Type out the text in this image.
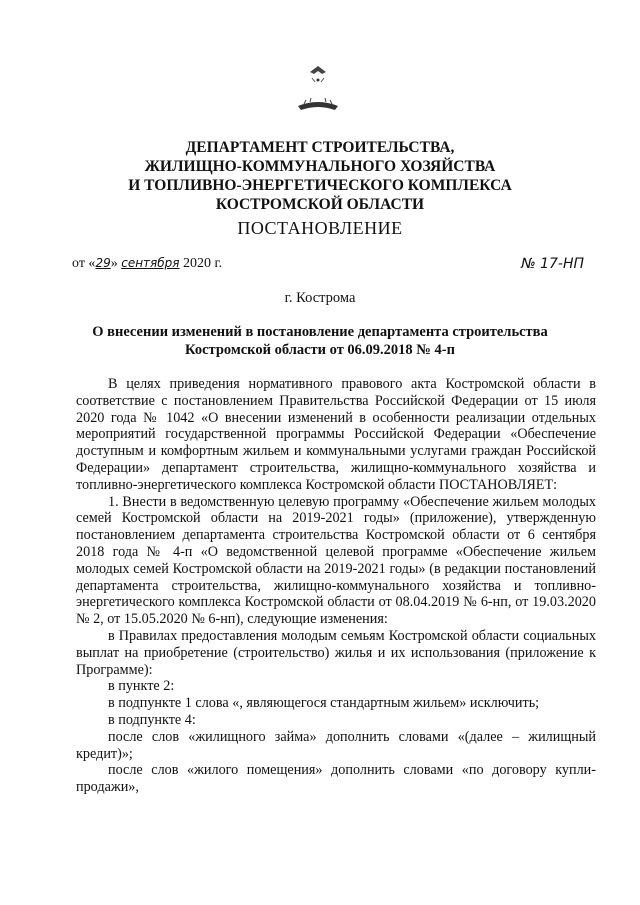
ДЕПАРТАМЕНТ СТРОИТЕЛЬСТВА,
ЖИЛИЩНО-КОММУНАЛЬНОГО ХОЗЯЙСТВА
И ТОПЛИВНО-ЭНЕРГЕТИЧЕСКОГО КОМПЛЕКСА
КОСТРОМСКОЙ ОБЛАСТИ
ПОСТАНОВЛЕНИЕ
от «29» сентября 2020 г.	№ 17-НП
г. Кострома
О внесении изменений в постановление департамента строительства
Костромской области от 06.09.2018 № 4-п

В целях приведения нормативного правового акта Костромской области в соответствие с постановлением Правительства Российской Федерации от 15 июля 2020 года № 1042 «О внесении изменений в особенности реализации отдельных мероприятий государственной программы Российской Федерации «Обеспечение доступным и комфортным жильем и коммунальными услугами граждан Российской Федерации» департамент строительства, жилищно-коммунального хозяйства и топливно-энергетического комплекса Костромской области ПОСТАНОВЛЯЕТ:

1. Внести в ведомственную целевую программу «Обеспечение жильем молодых семей Костромской области на 2019-2021 годы» (приложение), утвержденную постановлением департамента строительства Костромской области от 6 сентября 2018 года № 4-п «О ведомственной целевой программе «Обеспечение жильем молодых семей Костромской области на 2019-2021 годы» (в редакции постановлений департамента строительства, жилищно-коммунального хозяйства и топливно-энергетического комплекса Костромской области от 08.04.2019 № 6-нп, от 19.03.2020 № 2, от 15.05.2020 № 6-нп), следующие изменения:

в Правилах предоставления молодым семьям Костромской области социальных выплат на приобретение (строительство) жилья и их использования (приложение к Программе):

в пункте 2:

в подпункте 1 слова «, являющегося стандартным жильем» исключить;

в подпункте 4:

после слов «жилищного займа» дополнить словами «(далее – жилищный кредит)»;

после слов «жилого помещения» дополнить словами «по договору купли-продажи»,
